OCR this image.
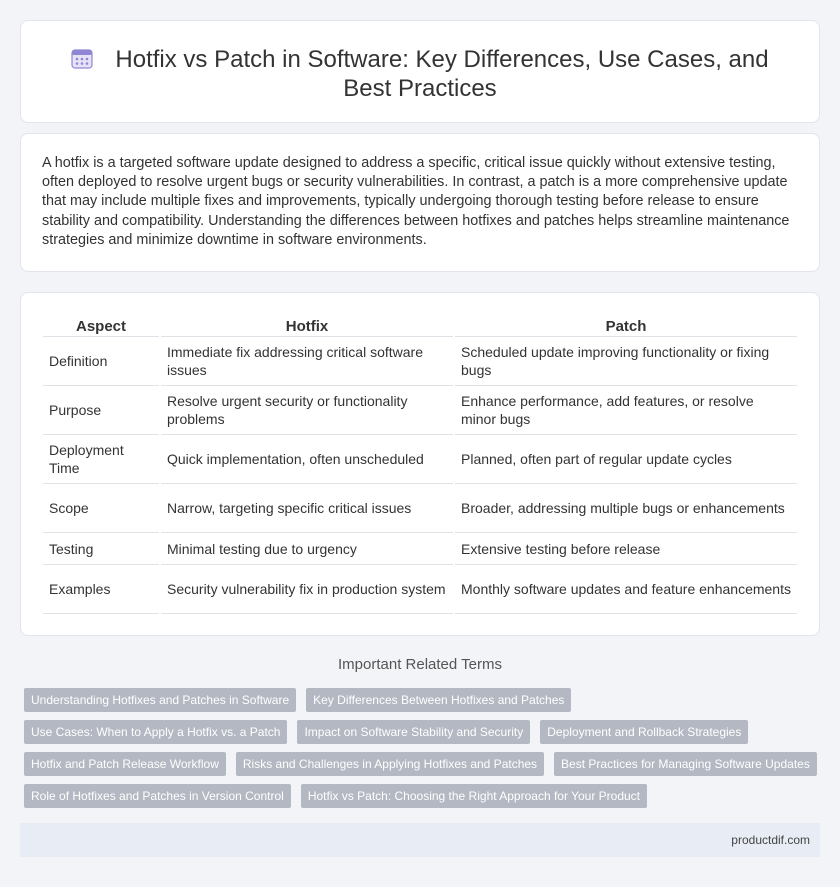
Hotfix vs Patch in Software: Key Differences, Use Cases, and Best Practices

A hotfix is a targeted software update designed to address a specific, critical issue quickly without extensive testing, often deployed to resolve urgent bugs or security vulnerabilities. In contrast, a patch is a more comprehensive update that may include multiple fixes and improvements, typically undergoing thorough testing before release to ensure stability and compatibility. Understanding the differences between hotfixes and patches helps streamline maintenance strategies and minimize downtime in software environments.

Aspect	Hotfix	Patch
Definition	Immediate fix addressing critical software issues	Scheduled update improving functionality or fixing bugs
Purpose	Resolve urgent security or functionality problems	Enhance performance, add features, or resolve minor bugs
Deployment Time	Quick implementation, often unscheduled	Planned, often part of regular update cycles
Scope	Narrow, targeting specific critical issues	Broader, addressing multiple bugs or enhancements
Testing	Minimal testing due to urgency	Extensive testing before release
Examples	Security vulnerability fix in production system	Monthly software updates and feature enhancements
Important Related Terms
Understanding Hotfixes and Patches in Software	Key Differences Between Hotfixes and Patches
Use Cases: When to Apply a Hotfix vs. a Patch	Impact on Software Stability and Security	Deployment and Rollback Strategies
Hotfix and Patch Release Workflow	Risks and Challenges in Applying Hotfixes and Patches	Best Practices for Managing Software Updates
Role of Hotfixes and Patches in Version Control	Hotfix vs Patch: Choosing the Right Approach for Your Product
productdif.com
